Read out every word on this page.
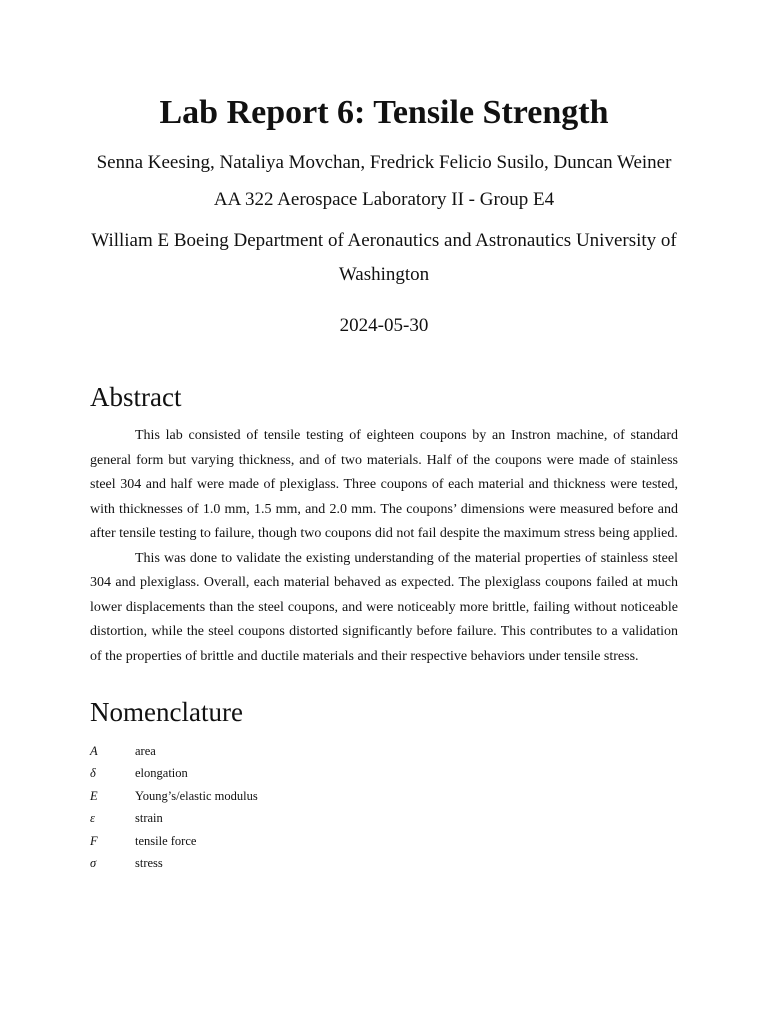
Lab Report 6: Tensile Strength

Senna Keesing, Nataliya Movchan, Fredrick Felicio Susilo, Duncan Weiner

AA 322 Aerospace Laboratory II - Group E4

William E Boeing Department of Aeronautics and Astronautics University of Washington

2024-05-30

Abstract

This lab consisted of tensile testing of eighteen coupons by an Instron machine, of standard general form but varying thickness, and of two materials. Half of the coupons were made of stainless steel 304 and half were made of plexiglass. Three coupons of each material and thickness were tested, with thicknesses of 1.0 mm, 1.5 mm, and 2.0 mm. The coupons’ dimensions were measured before and after tensile testing to failure, though two coupons did not fail despite the maximum stress being applied.

This was done to validate the existing understanding of the material properties of stainless steel 304 and plexiglass. Overall, each material behaved as expected. The plexiglass coupons failed at much lower displacements than the steel coupons, and were noticeably more brittle, failing without noticeable distortion, while the steel coupons distorted significantly before failure. This contributes to a validation of the properties of brittle and ductile materials and their respective behaviors under tensile stress.

Nomenclature
A	area
δ	elongation
E	Young’s/elastic modulus
ε	strain
F	tensile force
σ	stress
